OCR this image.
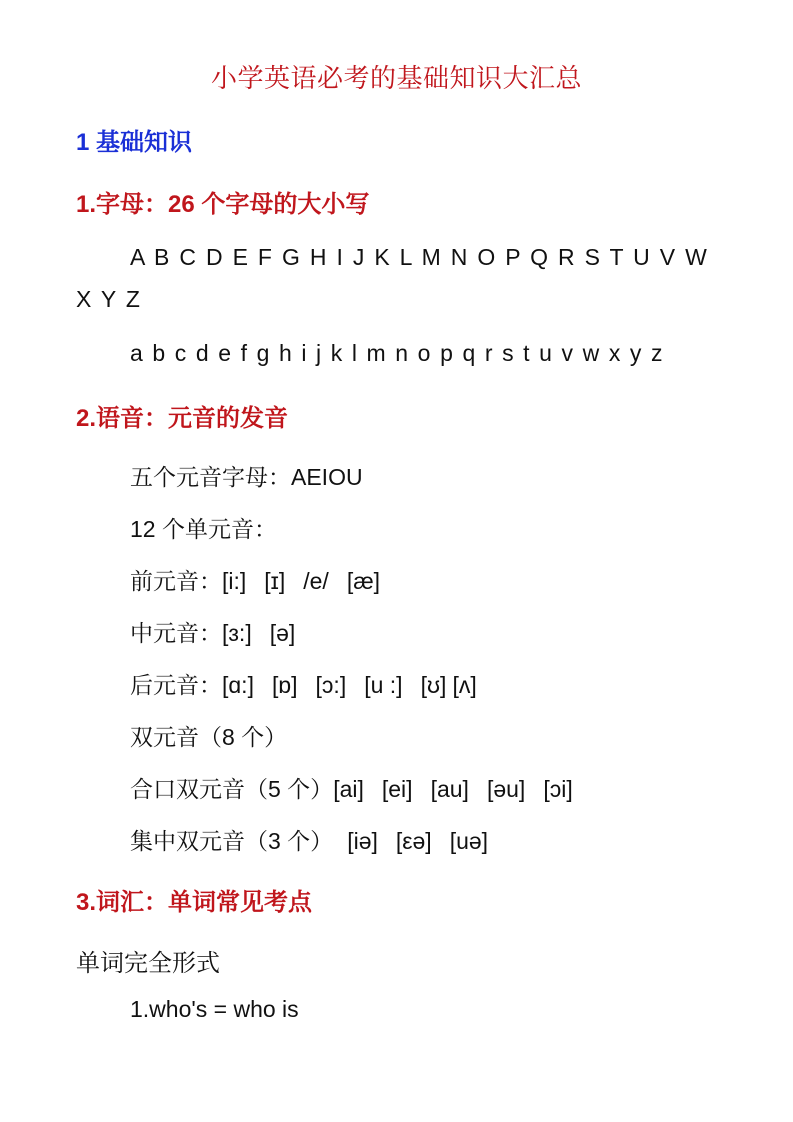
小学英语必考的基础知识大汇总
1 基础知识
1.字母：26 个字母的大小写
A B C D E F G H I J K L M N O P Q R S T U V W
X Y Z
a b c d e f g h i j k l m n o p q r s t u v w x y z
2.语音：元音的发音
五个元音字母：AEIOU
12 个单元音：
前元音：[i:] [ɪ] /e/ [æ]
中元音：[ɜ:] [ə]
后元音：[ɑ:] [ɒ] [ɔ:] [u :] [ʊ] [ʌ]
双元音（8 个）
合口双元音（5 个）[ai] [ei] [au] [əu] [ɔi]
集中双元音（3 个） [iə] [εə] [uə]
3.词汇：单词常见考点
单词完全形式
1.who's = who is
